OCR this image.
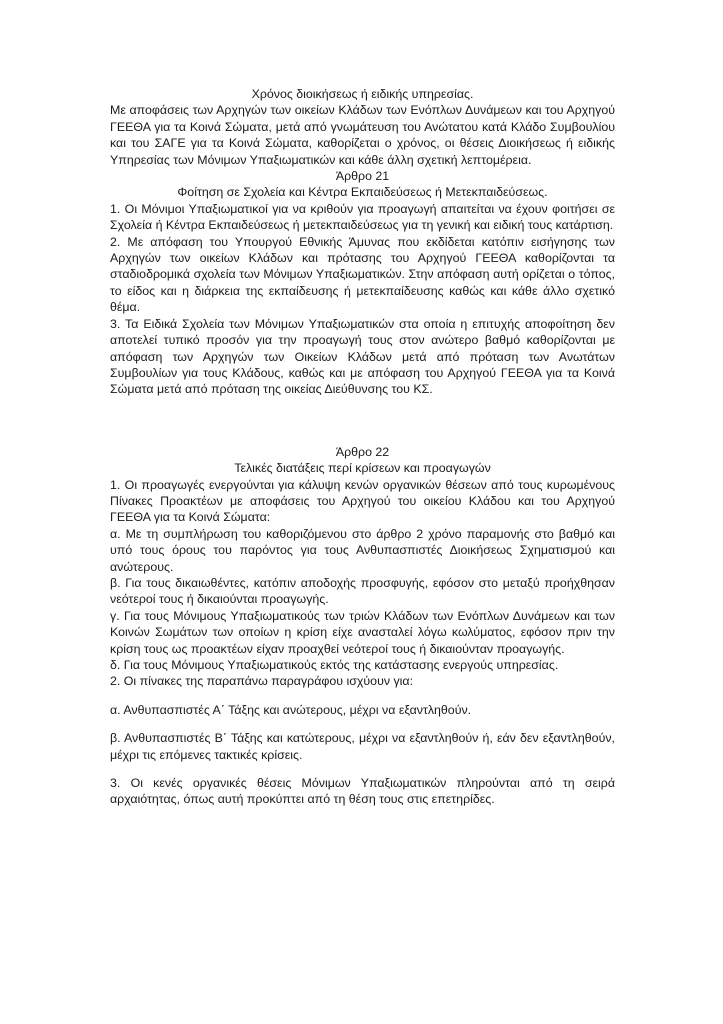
Χρόνος διοικήσεως ή ειδικής υπηρεσίας.

Με αποφάσεις των Αρχηγών των οικείων Κλάδων των Ενόπλων Δυνάμεων και του Αρχηγού ΓΕΕΘΑ για τα Κοινά Σώματα, μετά από γνωμάτευση του Ανώτατου κατά Κλάδο Συμβουλίου και του ΣΑΓΕ για τα Κοινά Σώματα, καθορίζεται ο χρόνος, οι θέσεις Διοικήσεως ή ειδικής Υπηρεσίας των Μόνιμων Υπαξιωματικών και κάθε άλλη σχετική λεπτομέρεια.

Άρθρο 21

Φοίτηση σε Σχολεία και Κέντρα Εκπαιδεύσεως ή Μετεκπαιδεύσεως.

1. Οι Μόνιμοι Υπαξιωματικοί για να κριθούν για προαγωγή απαιτείται να έχουν φοιτήσει σε Σχολεία ή Κέντρα Εκπαιδεύσεως ή μετεκπαιδεύσεως για τη γενική και ειδική τους κατάρτιση.

2. Με απόφαση του Υπουργού Εθνικής Άμυνας που εκδίδεται κατόπιν εισήγησης των Αρχηγών των οικείων Κλάδων και πρότασης του Αρχηγού ΓΕΕΘΑ καθορίζονται τα σταδιοδρομικά σχολεία των Μόνιμων Υπαξιωματικών. Στην απόφαση αυτή ορίζεται ο τόπος, το είδος και η διάρκεια της εκπαίδευσης ή μετεκπαίδευσης καθώς και κάθε άλλο σχετικό θέμα.

3. Τα Ειδικά Σχολεία των Μόνιμων Υπαξιωματικών στα οποία η επιτυχής αποφοίτηση δεν αποτελεί τυπικό προσόν για την προαγωγή τους στον ανώτερο βαθμό καθορίζονται με απόφαση των Αρχηγών των Οικείων Κλάδων μετά από πρόταση των Ανωτάτων Συμβουλίων για τους Κλάδους, καθώς και με απόφαση του Αρχηγού ΓΕΕΘΑ για τα Κοινά Σώματα μετά από πρόταση της οικείας Διεύθυνσης του ΚΣ.

Άρθρο 22

Τελικές διατάξεις περί κρίσεων και προαγωγών

1. Οι προαγωγές ενεργούνται για κάλυψη κενών οργανικών θέσεων από τους κυρωμένους Πίνακες Προακτέων με αποφάσεις του Αρχηγού του οικείου Κλάδου και του Αρχηγού ΓΕΕΘΑ για τα Κοινά Σώματα:

α. Με τη συμπλήρωση του καθοριζόμενου στο άρθρο 2 χρόνο παραμονής στο βαθμό και υπό τους όρους του παρόντος για τους Ανθυπασπιστές Διοικήσεως Σχηματισμού και ανώτερους.

β. Για τους δικαιωθέντες, κατόπιν αποδοχής προσφυγής, εφόσον στο μεταξύ προήχθησαν νεότεροί τους ή δικαιούνται προαγωγής.

γ. Για τους Μόνιμους Υπαξιωματικούς των τριών Κλάδων των Ενόπλων Δυνάμεων και των Κοινών Σωμάτων των οποίων η κρίση είχε ανασταλεί λόγω κωλύματος, εφόσον πριν την κρίση τους ως προακτέων είχαν προαχθεί νεότεροί τους ή δικαιούνταν προαγωγής.

δ. Για τους Μόνιμους Υπαξιωματικούς εκτός της κατάστασης ενεργούς υπηρεσίας.

2. Οι πίνακες της παραπάνω παραγράφου ισχύουν για:

α. Ανθυπασπιστές Α΄ Τάξης και ανώτερους, μέχρι να εξαντληθούν.

β. Ανθυπασπιστές Β΄ Τάξης και κατώτερους, μέχρι να εξαντληθούν ή, εάν δεν εξαντληθούν, μέχρι τις επόμενες τακτικές κρίσεις.

3. Οι κενές οργανικές θέσεις Μόνιμων Υπαξιωματικών πληρούνται από τη σειρά αρχαιότητας, όπως αυτή προκύπτει από τη θέση τους στις επετηρίδες.
